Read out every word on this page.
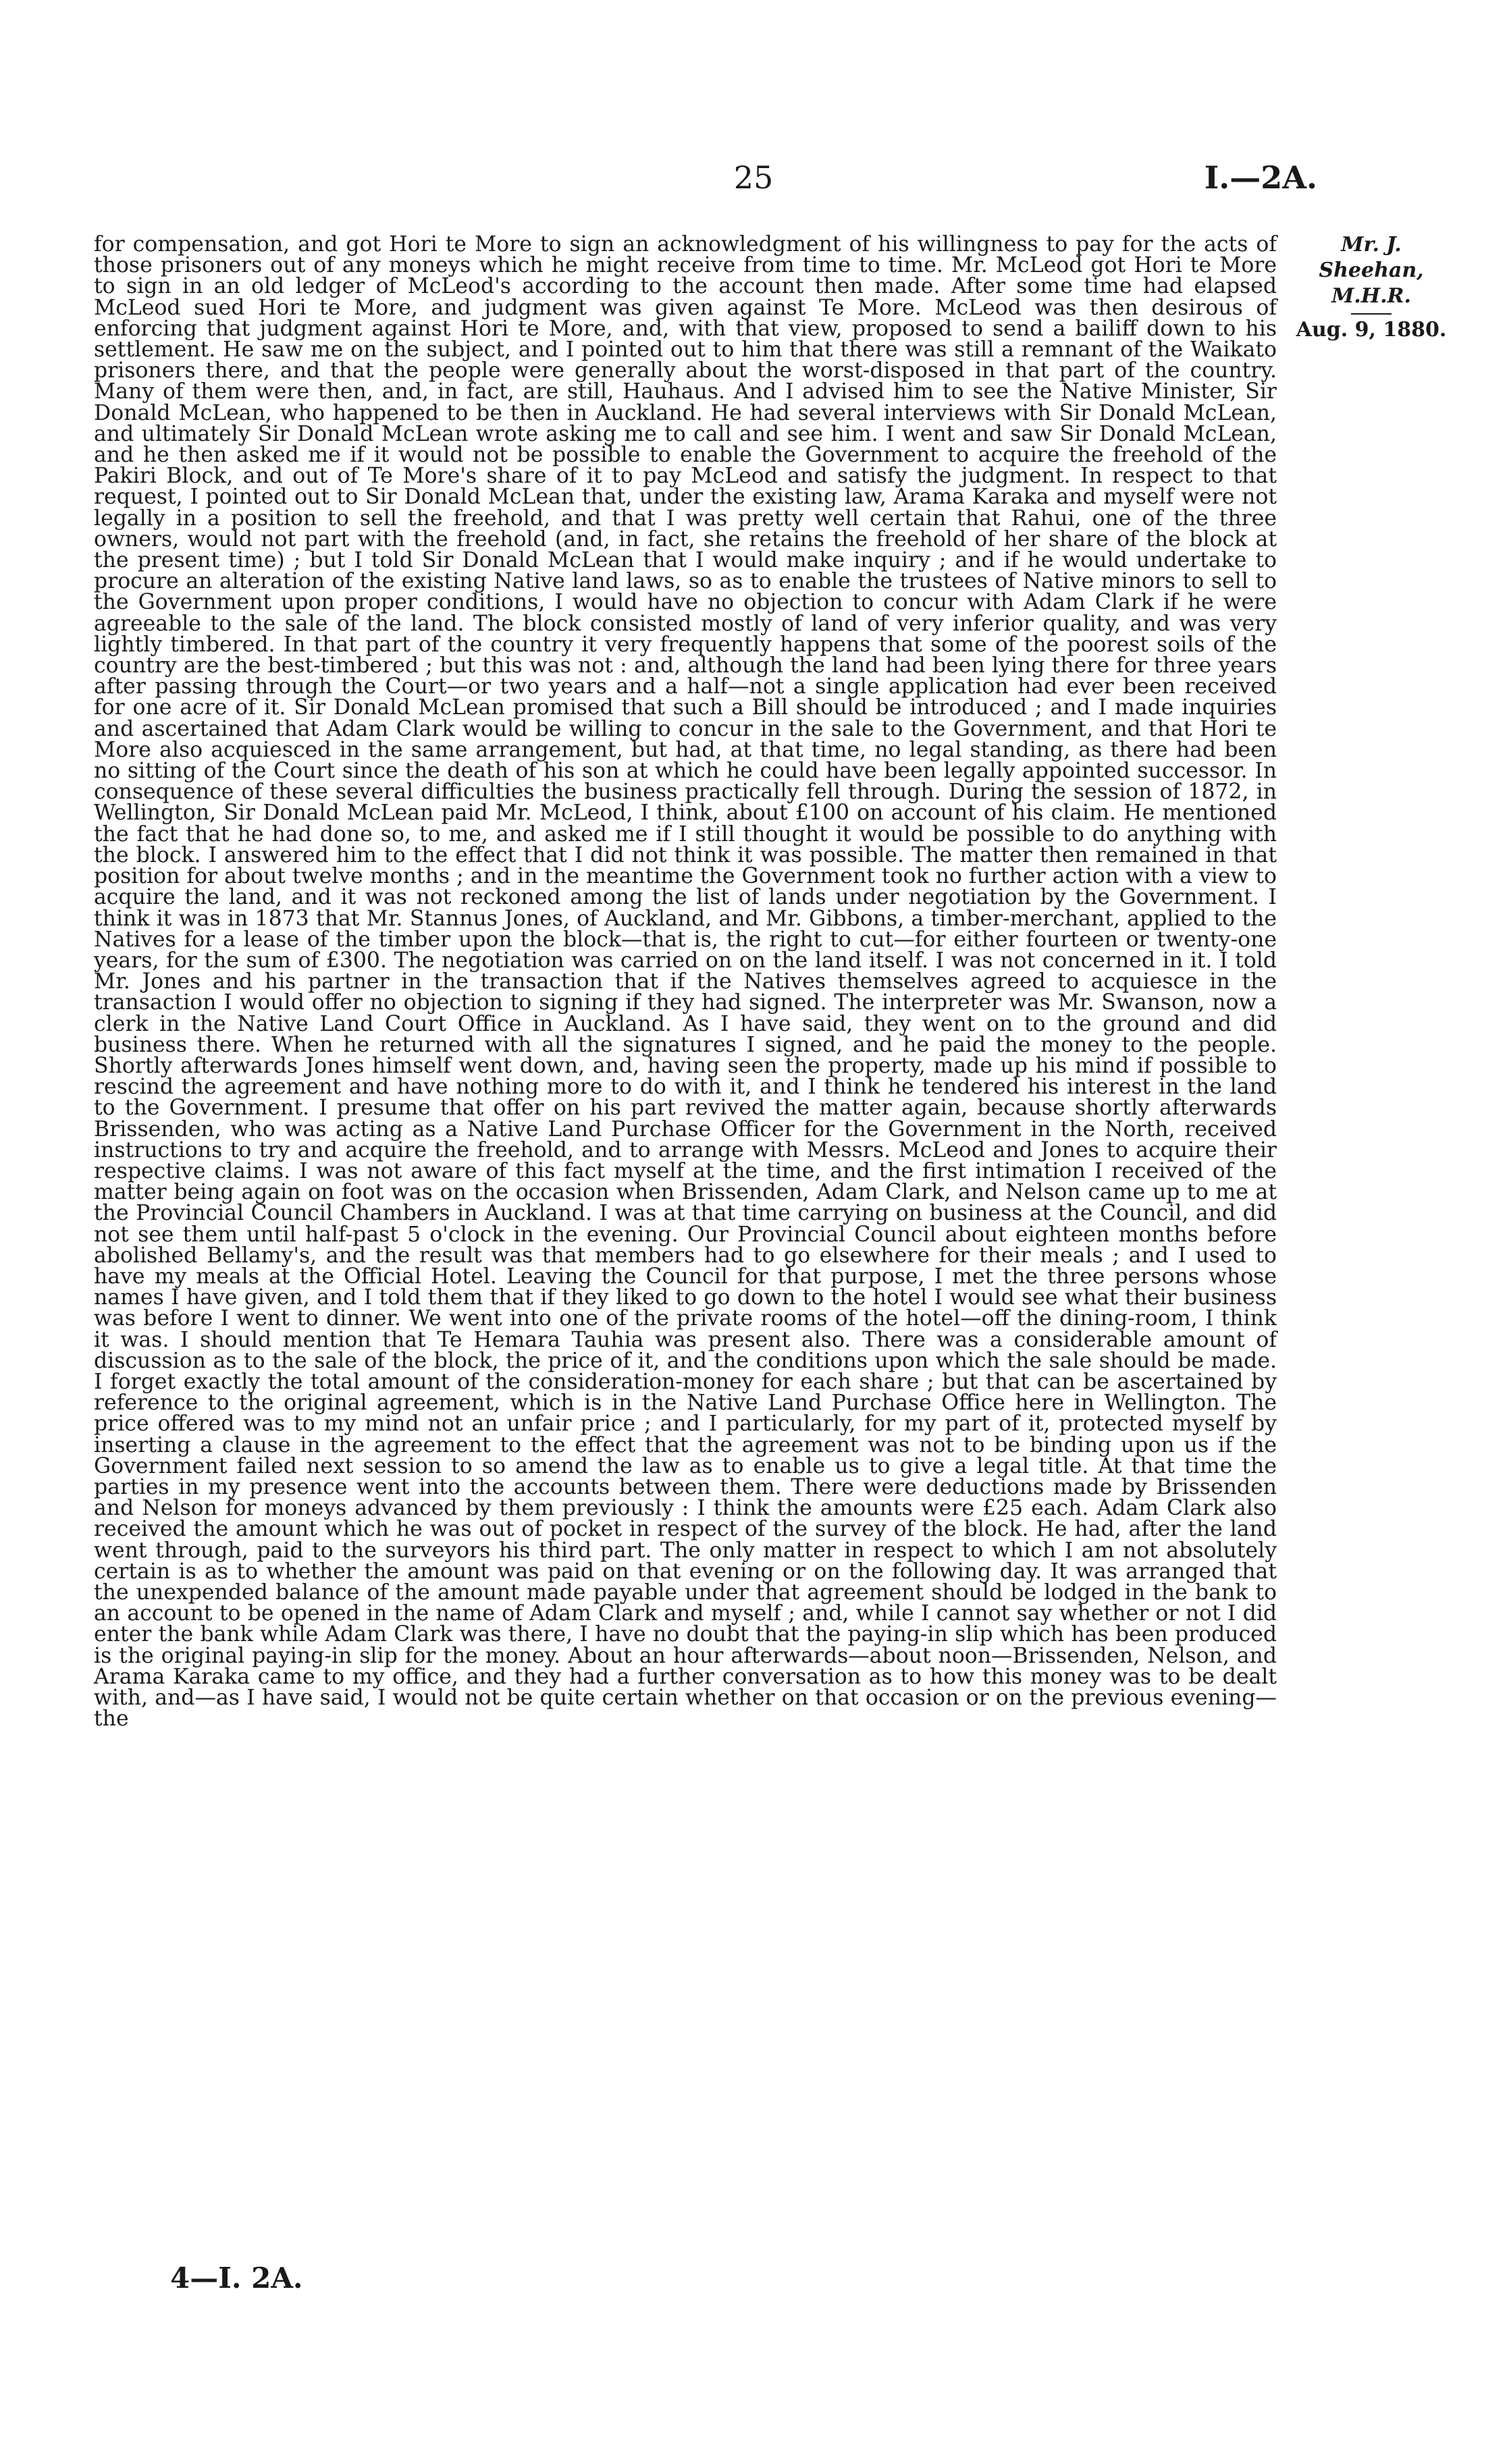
25	I.—2A.
Mr. J. Sheehan,
M.H.R.
Aug. 9, 1880.

for compensation, and got Hori te More to sign an acknowledgment of his willingness to pay for the acts of those prisoners out of any moneys which he might receive from time to time. Mr. McLeod got Hori te More to sign in an old ledger of McLeod's according to the account then made. After some time had elapsed McLeod sued Hori te More, and judgment was given against Te More. McLeod was then desirous of enforcing that judgment against Hori te More, and, with that view, proposed to send a bailiff down to his settlement. He saw me on the subject, and I pointed out to him that there was still a remnant of the Waikato prisoners there, and that the people were generally about the worst-disposed in that part of the country. Many of them were then, and, in fact, are still, Hauhaus. And I advised him to see the Native Minister, Sir Donald McLean, who happened to be then in Auckland. He had several interviews with Sir Donald McLean, and ultimately Sir Donald McLean wrote asking me to call and see him. I went and saw Sir Donald McLean, and he then asked me if it would not be possible to enable the Government to acquire the freehold of the Pakiri Block, and out of Te More's share of it to pay McLeod and satisfy the judgment. In respect to that request, I pointed out to Sir Donald McLean that, under the existing law, Arama Karaka and myself were not legally in a position to sell the freehold, and that I was pretty well certain that Rahui, one of the three owners, would not part with the freehold (and, in fact, she retains the freehold of her share of the block at the present time) ; but I told Sir Donald McLean that I would make inquiry ; and if he would undertake to procure an alteration of the existing Native land laws, so as to enable the trustees of Native minors to sell to the Government upon proper conditions, I would have no objection to concur with Adam Clark if he were agreeable to the sale of the land. The block consisted mostly of land of very inferior quality, and was very lightly timbered. In that part of the country it very frequently happens that some of the poorest soils of the country are the best-timbered ; but this was not : and, although the land had been lying there for three years after passing through the Court—or two years and a half—not a single application had ever been received for one acre of it. Sir Donald McLean promised that such a Bill should be introduced ; and I made inquiries and ascertained that Adam Clark would be willing to concur in the sale to the Government, and that Hori te More also acquiesced in the same arrangement, but had, at that time, no legal standing, as there had been no sitting of the Court since the death of his son at which he could have been legally appointed successor. In consequence of these several difficulties the business practically fell through. During the session of 1872, in Wellington, Sir Donald McLean paid Mr. McLeod, I think, about £100 on account of his claim. He mentioned the fact that he had done so, to me, and asked me if I still thought it would be possible to do anything with the block. I answered him to the effect that I did not think it was possible. The matter then remained in that position for about twelve months ; and in the meantime the Government took no further action with a view to acquire the land, and it was not reckoned among the list of lands under negotiation by the Government. I think it was in 1873 that Mr. Stannus Jones, of Auckland, and Mr. Gibbons, a timber-merchant, applied to the Natives for a lease of the timber upon the block—that is, the right to cut—for either fourteen or twenty-one years, for the sum of £300. The negotiation was carried on on the land itself. I was not concerned in it. I told Mr. Jones and his partner in the transaction that if the Natives themselves agreed to acquiesce in the transaction I would offer no objection to signing if they had signed. The interpreter was Mr. Swanson, now a clerk in the Native Land Court Office in Auckland. As I have said, they went on to the ground and did business there. When he returned with all the signatures I signed, and he paid the money to the people. Shortly afterwards Jones himself went down, and, having seen the property, made up his mind if possible to rescind the agreement and have nothing more to do with it, and I think he tendered his interest in the land to the Government. I presume that offer on his part revived the matter again, because shortly afterwards Brissenden, who was acting as a Native Land Purchase Officer for the Government in the North, received instructions to try and acquire the freehold, and to arrange with Messrs. McLeod and Jones to acquire their respective claims. I was not aware of this fact myself at the time, and the first intimation I received of the matter being again on foot was on the occasion when Brissenden, Adam Clark, and Nelson came up to me at the Provincial Council Chambers in Auckland. I was at that time carrying on business at the Council, and did not see them until half-past 5 o'clock in the evening. Our Provincial Council about eighteen months before abolished Bellamy's, and the result was that members had to go elsewhere for their meals ; and I used to have my meals at the Official Hotel. Leaving the Council for that purpose, I met the three persons whose names I have given, and I told them that if they liked to go down to the hotel I would see what their business was before I went to dinner. We went into one of the private rooms of the hotel—off the dining-room, I think it was. I should mention that Te Hemara Tauhia was present also. There was a considerable amount of discussion as to the sale of the block, the price of it, and the conditions upon which the sale should be made. I forget exactly the total amount of the consideration-money for each share ; but that can be ascertained by reference to the original agreement, which is in the Native Land Purchase Office here in Wellington. The price offered was to my mind not an unfair price ; and I particularly, for my part of it, protected myself by inserting a clause in the agreement to the effect that the agreement was not to be binding upon us if the Government failed next session to so amend the law as to enable us to give a legal title. At that time the parties in my presence went into the accounts between them. There were deductions made by Brissenden and Nelson for moneys advanced by them previously : I think the amounts were £25 each. Adam Clark also received the amount which he was out of pocket in respect of the survey of the block. He had, after the land went through, paid to the surveyors his third part. The only matter in respect to which I am not absolutely certain is as to whether the amount was paid on that evening or on the following day. It was arranged that the unexpended balance of the amount made payable under that agreement should be lodged in the bank to an account to be opened in the name of Adam Clark and myself ; and, while I cannot say whether or not I did enter the bank while Adam Clark was there, I have no doubt that the paying-in slip which has been produced is the original paying-in slip for the money. About an hour afterwards—about noon—Brissenden, Nelson, and Arama Karaka came to my office, and they had a further conversation as to how this money was to be dealt with, and—as I have said, I would not be quite certain whether on that occasion or on the previous evening—the

4—I. 2A.
